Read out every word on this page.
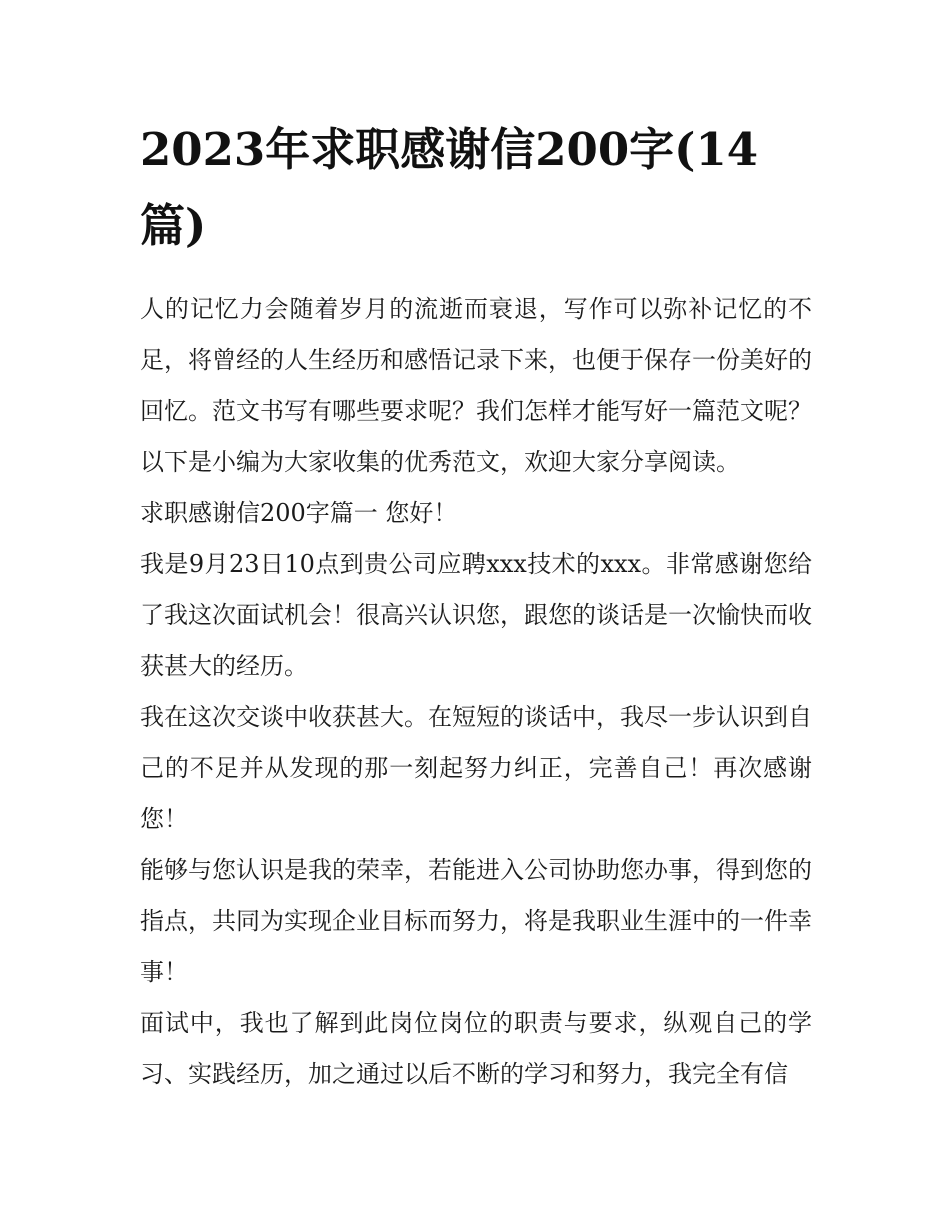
2023年求职感谢信200字(14篇)

人的记忆力会随着岁月的流逝而衰退，写作可以弥补记忆的不足，将曾经的人生经历和感悟记录下来，也便于保存一份美好的回忆。范文书写有哪些要求呢？我们怎样才能写好一篇范文呢？以下是小编为大家收集的优秀范文，欢迎大家分享阅读。

求职感谢信200字篇一 您好！

我是9月23日10点到贵公司应聘xxx技术的xxx。非常感谢您给了我这次面试机会！很高兴认识您，跟您的谈话是一次愉快而收获甚大的经历。

我在这次交谈中收获甚大。在短短的谈话中，我尽一步认识到自己的不足并从发现的那一刻起努力纠正，完善自己！再次感谢您！

能够与您认识是我的荣幸，若能进入公司协助您办事，得到您的指点，共同为实现企业目标而努力，将是我职业生涯中的一件幸事！

面试中，我也了解到此岗位岗位的职责与要求，纵观自己的学习、实践经历，加之通过以后不断的学习和努力，我完全有信
